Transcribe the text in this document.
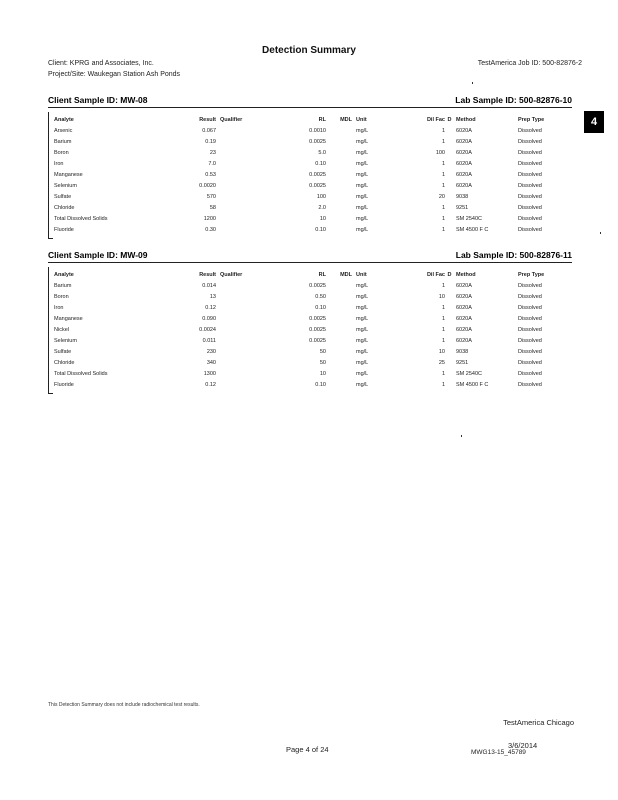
Detection Summary
Client: KPRG and Associates, Inc.	TestAmerica Job ID: 500-82876-2
Project/Site: Waukegan Station Ash Ponds
4
Client Sample ID: MW-08	Lab Sample ID: 500-82876-10
Analyte	Result	Qualifier	RL	MDL	Unit	Dil Fac	D	Method	Prep Type
Arsenic	0.067		0.0010		mg/L	1		6020A	Dissolved
Barium	0.19		0.0025		mg/L	1		6020A	Dissolved
Boron	23		5.0		mg/L	100		6020A	Dissolved
Iron	7.0		0.10		mg/L	1		6020A	Dissolved
Manganese	0.53		0.0025		mg/L	1		6020A	Dissolved
Selenium	0.0020		0.0025		mg/L	1		6020A	Dissolved
Sulfate	570		100		mg/L	20		9038	Dissolved
Chloride	58		2.0		mg/L	1		9251	Dissolved
Total Dissolved Solids	1200		10		mg/L	1		SM 2540C	Dissolved
Fluoride	0.30		0.10		mg/L	1		SM 4500 F C	Dissolved
Client Sample ID: MW-09	Lab Sample ID: 500-82876-11
Analyte	Result	Qualifier	RL	MDL	Unit	Dil Fac	D	Method	Prep Type
Barium	0.014		0.0025		mg/L	1		6020A	Dissolved
Boron	13		0.50		mg/L	10		6020A	Dissolved
Iron	0.12		0.10		mg/L	1		6020A	Dissolved
Manganese	0.090		0.0025		mg/L	1		6020A	Dissolved
Nickel	0.0024		0.0025		mg/L	1		6020A	Dissolved
Selenium	0.011		0.0025		mg/L	1		6020A	Dissolved
Sulfate	230		50		mg/L	10		9038	Dissolved
Chloride	340		50		mg/L	25		9251	Dissolved
Total Dissolved Solids	1300		10		mg/L	1		SM 2540C	Dissolved
Fluoride	0.12		0.10		mg/L	1		SM 4500 F C	Dissolved
This Detection Summary does not include radiochemical test results.
TestAmerica Chicago
Page 4 of 24	3/6/2014
MWG13-15_45789
